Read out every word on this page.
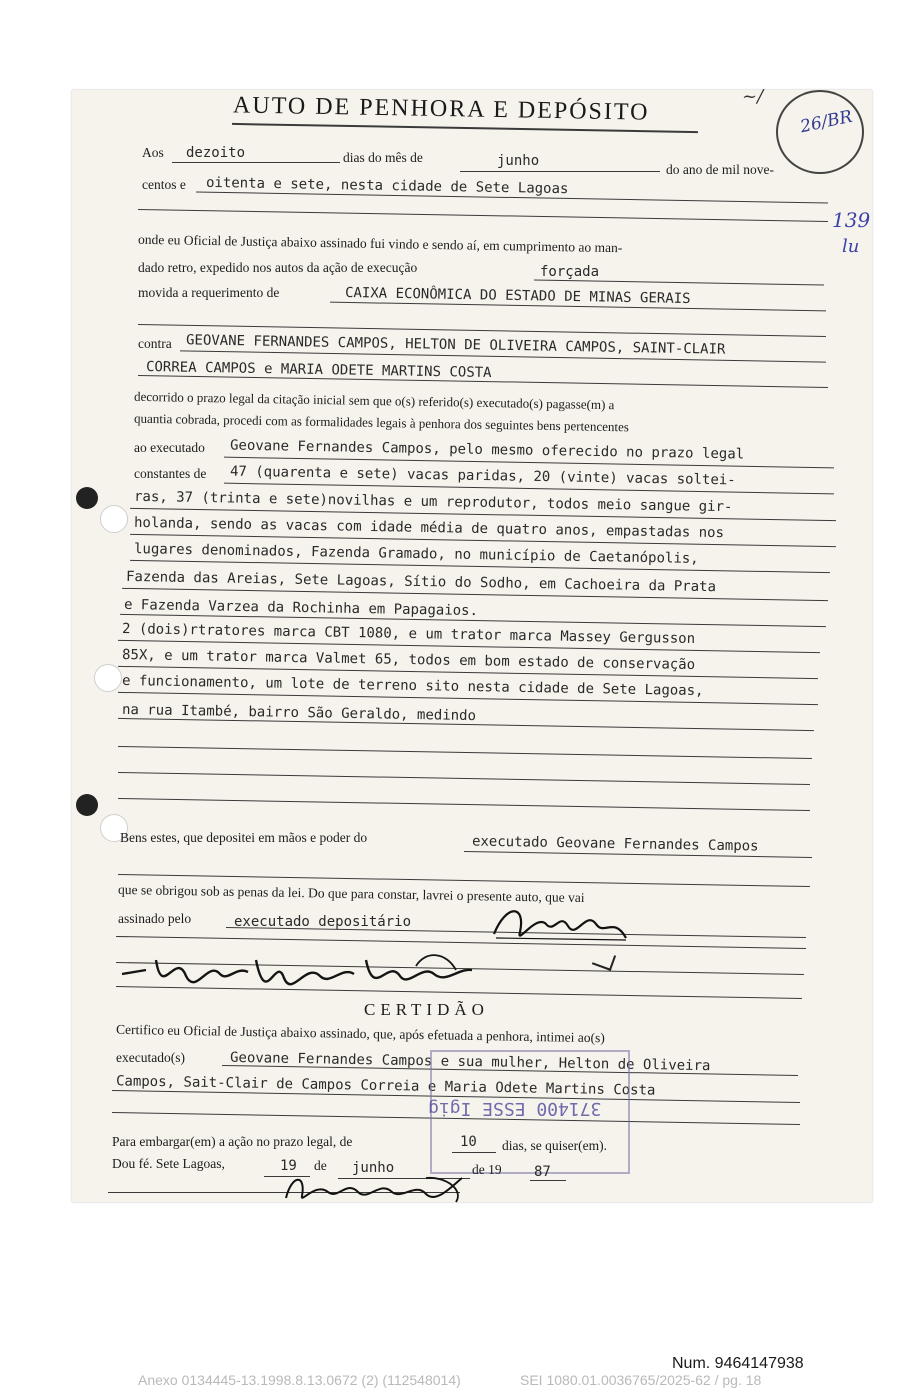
AUTO DE PENHORA E DEPÓSITO	~/
26/BR
139
lu
Aos dezoito	dias do mês de	junho
do ano de mil nove-
centos e oitenta e sete, nesta cidade de Sete Lagoas
onde eu Oficial de Justiça abaixo assinado fui vindo e sendo aí, em cumprimento ao man-
dado retro, expedido nos autos da ação de execução	forçada
movida a requerimento de	CAIXA ECONÔMICA DO ESTADO DE MINAS GERAIS
contra GEOVANE FERNANDES CAMPOS, HELTON DE OLIVEIRA CAMPOS, SAINT-CLAIR
CORREA CAMPOS e MARIA ODETE MARTINS COSTA
decorrido o prazo legal da citação inicial sem que o(s) referido(s) executado(s) pagasse(m) a
quantia cobrada, procedi com as formalidades legais à penhora dos seguintes bens pertencentes
ao executado Geovane Fernandes Campos, pelo mesmo oferecido no prazo legal
constantes de 47 (quarenta e sete) vacas paridas, 20 (vinte) vacas soltei-
ras, 37 (trinta e sete)novilhas e um reprodutor, todos meio sangue gir-
holanda, sendo as vacas com idade média de quatro anos, empastadas nos
lugares denominados, Fazenda Gramado, no município de Caetanópolis,
Fazenda das Areias, Sete Lagoas, Sítio do Sodho, em Cachoeira da Prata
e Fazenda Varzea da Rochinha em Papagaios.
2 (dois)rtratores marca CBT 1080, e um trator marca Massey Gergusson
85X, e um trator marca Valmet 65, todos em bom estado de conservação
e funcionamento, um lote de terreno sito nesta cidade de Sete Lagoas,
na rua Itambé, bairro São Geraldo, medindo
Bens estes, que depositei em mãos e poder do	executado Geovane Fernandes Campos
que se obrigou sob as penas da lei. Do que para constar, lavrei o presente auto, que vai
assinado pelo	executado depositário
CERTIDÃO
Certifico eu Oficial de Justiça abaixo assinado, que, após efetuada a penhora, intimei ao(s)
executado(s)	Geovane Fernandes Campos e sua mulher, Helton de Oliveira
Campos, Sait-Clair de Campos Correia e Maria Odete Martins Costa
371400 ESSE Igig
Para embargar(em) a ação no prazo legal, de	10 dias, se quiser(em).
Dou fé. Sete Lagoas,	19 de junho	de 19 87
Num. 9464147938
Anexo 0134445-13.1998.8.13.0672 (2) (112548014)	SEI 1080.01.0036765/2025-62 / pg. 18
